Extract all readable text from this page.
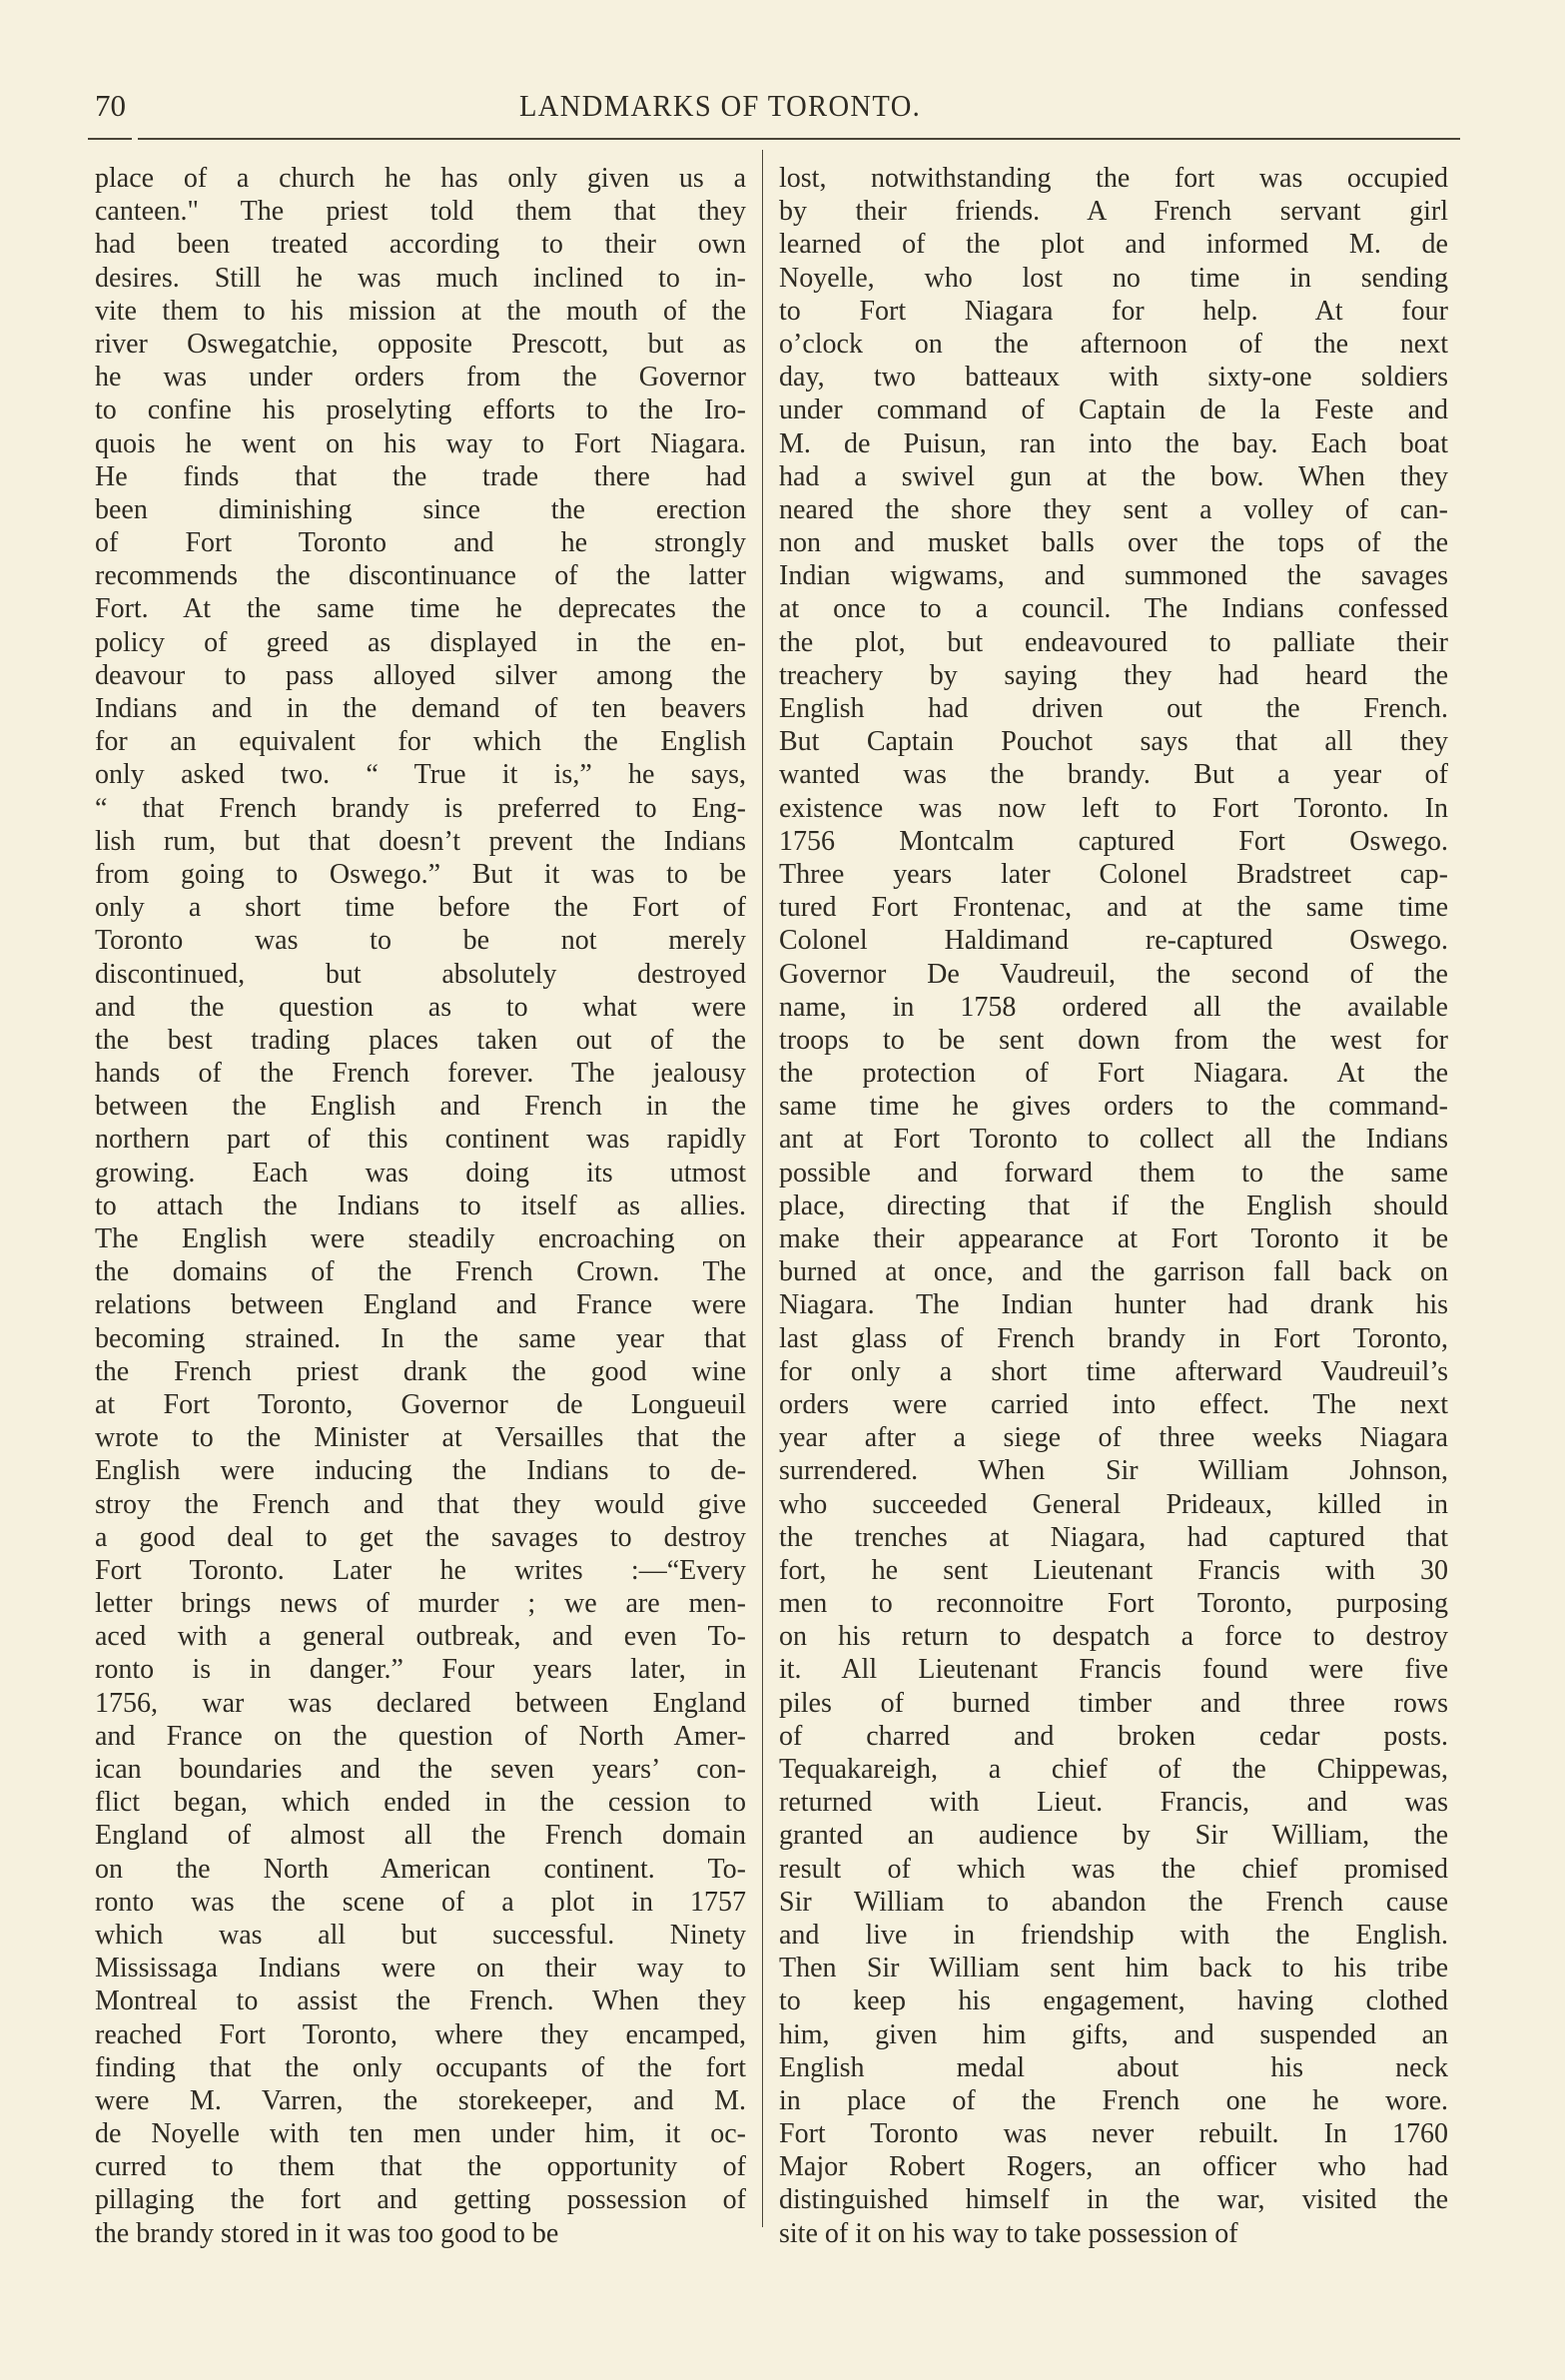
70	LANDMARKS OF TORONTO.
place of a church he has only given us a
canteen." The priest told them that they
had been treated according to their own
desires. Still he was much inclined to in-
vite them to his mission at the mouth of the
river Oswegatchie, opposite Prescott, but as
he was under orders from the Governor
to confine his proselyting efforts to the Iro-
quois he went on his way to Fort Niagara.
He finds that the trade there had
been diminishing since the erection
of Fort Toronto and he strongly
recommends the discontinuance of the latter
Fort. At the same time he deprecates the
policy of greed as displayed in the en-
deavour to pass alloyed silver among the
Indians and in the demand of ten beavers
for an equivalent for which the English
only asked two. “ True it is,” he says,
“ that French brandy is preferred to Eng-
lish rum, but that doesn’t prevent the Indians
from going to Oswego.” But it was to be
only a short time before the Fort of
Toronto was to be not merely
discontinued, but absolutely destroyed
and the question as to what were
the best trading places taken out of the
hands of the French forever. The jealousy
between the English and French in the
northern part of this continent was rapidly
growing. Each was doing its utmost
to attach the Indians to itself as allies.
The English were steadily encroaching on
the domains of the French Crown. The
relations between England and France were
becoming strained. In the same year that
the French priest drank the good wine
at Fort Toronto, Governor de Longueuil
wrote to the Minister at Versailles that the
English were inducing the Indians to de-
stroy the French and that they would give
a good deal to get the savages to destroy
Fort Toronto. Later he writes :—“Every
letter brings news of murder ; we are men-
aced with a general outbreak, and even To-
ronto is in danger.” Four years later, in
1756, war was declared between England
and France on the question of North Amer-
ican boundaries and the seven years’ con-
flict began, which ended in the cession to
England of almost all the French domain
on the North American continent. To-
ronto was the scene of a plot in 1757
which was all but successful. Ninety
Mississaga Indians were on their way to
Montreal to assist the French. When they
reached Fort Toronto, where they encamped,
finding that the only occupants of the fort
were M. Varren, the storekeeper, and M.
de Noyelle with ten men under him, it oc-
curred to them that the opportunity of
pillaging the fort and getting possession of
the brandy stored in it was too good to be
lost, notwithstanding the fort was occupied
by their friends. A French servant girl
learned of the plot and informed M. de
Noyelle, who lost no time in sending
to Fort Niagara for help. At four
o’clock on the afternoon of the next
day, two batteaux with sixty-one soldiers
under command of Captain de la Feste and
M. de Puisun, ran into the bay. Each boat
had a swivel gun at the bow. When they
neared the shore they sent a volley of can-
non and musket balls over the tops of the
Indian wigwams, and summoned the savages
at once to a council. The Indians confessed
the plot, but endeavoured to palliate their
treachery by saying they had heard the
English had driven out the French.
But Captain Pouchot says that all they
wanted was the brandy. But a year of
existence was now left to Fort Toronto. In
1756 Montcalm captured Fort Oswego.
Three years later Colonel Bradstreet cap-
tured Fort Frontenac, and at the same time
Colonel Haldimand re-captured Oswego.
Governor De Vaudreuil, the second of the
name, in 1758 ordered all the available
troops to be sent down from the west for
the protection of Fort Niagara. At the
same time he gives orders to the command-
ant at Fort Toronto to collect all the Indians
possible and forward them to the same
place, directing that if the English should
make their appearance at Fort Toronto it be
burned at once, and the garrison fall back on
Niagara. The Indian hunter had drank his
last glass of French brandy in Fort Toronto,
for only a short time afterward Vaudreuil’s
orders were carried into effect. The next
year after a siege of three weeks Niagara
surrendered. When Sir William Johnson,
who succeeded General Prideaux, killed in
the trenches at Niagara, had captured that
fort, he sent Lieutenant Francis with 30
men to reconnoitre Fort Toronto, purposing
on his return to despatch a force to destroy
it. All Lieutenant Francis found were five
piles of burned timber and three rows
of charred and broken cedar posts.
Tequakareigh, a chief of the Chippewas,
returned with Lieut. Francis, and was
granted an audience by Sir William, the
result of which was the chief promised
Sir William to abandon the French cause
and live in friendship with the English.
Then Sir William sent him back to his tribe
to keep his engagement, having clothed
him, given him gifts, and suspended an
English medal about his neck
in place of the French one he wore.
Fort Toronto was never rebuilt. In 1760
Major Robert Rogers, an officer who had
distinguished himself in the war, visited the
site of it on his way to take possession of
